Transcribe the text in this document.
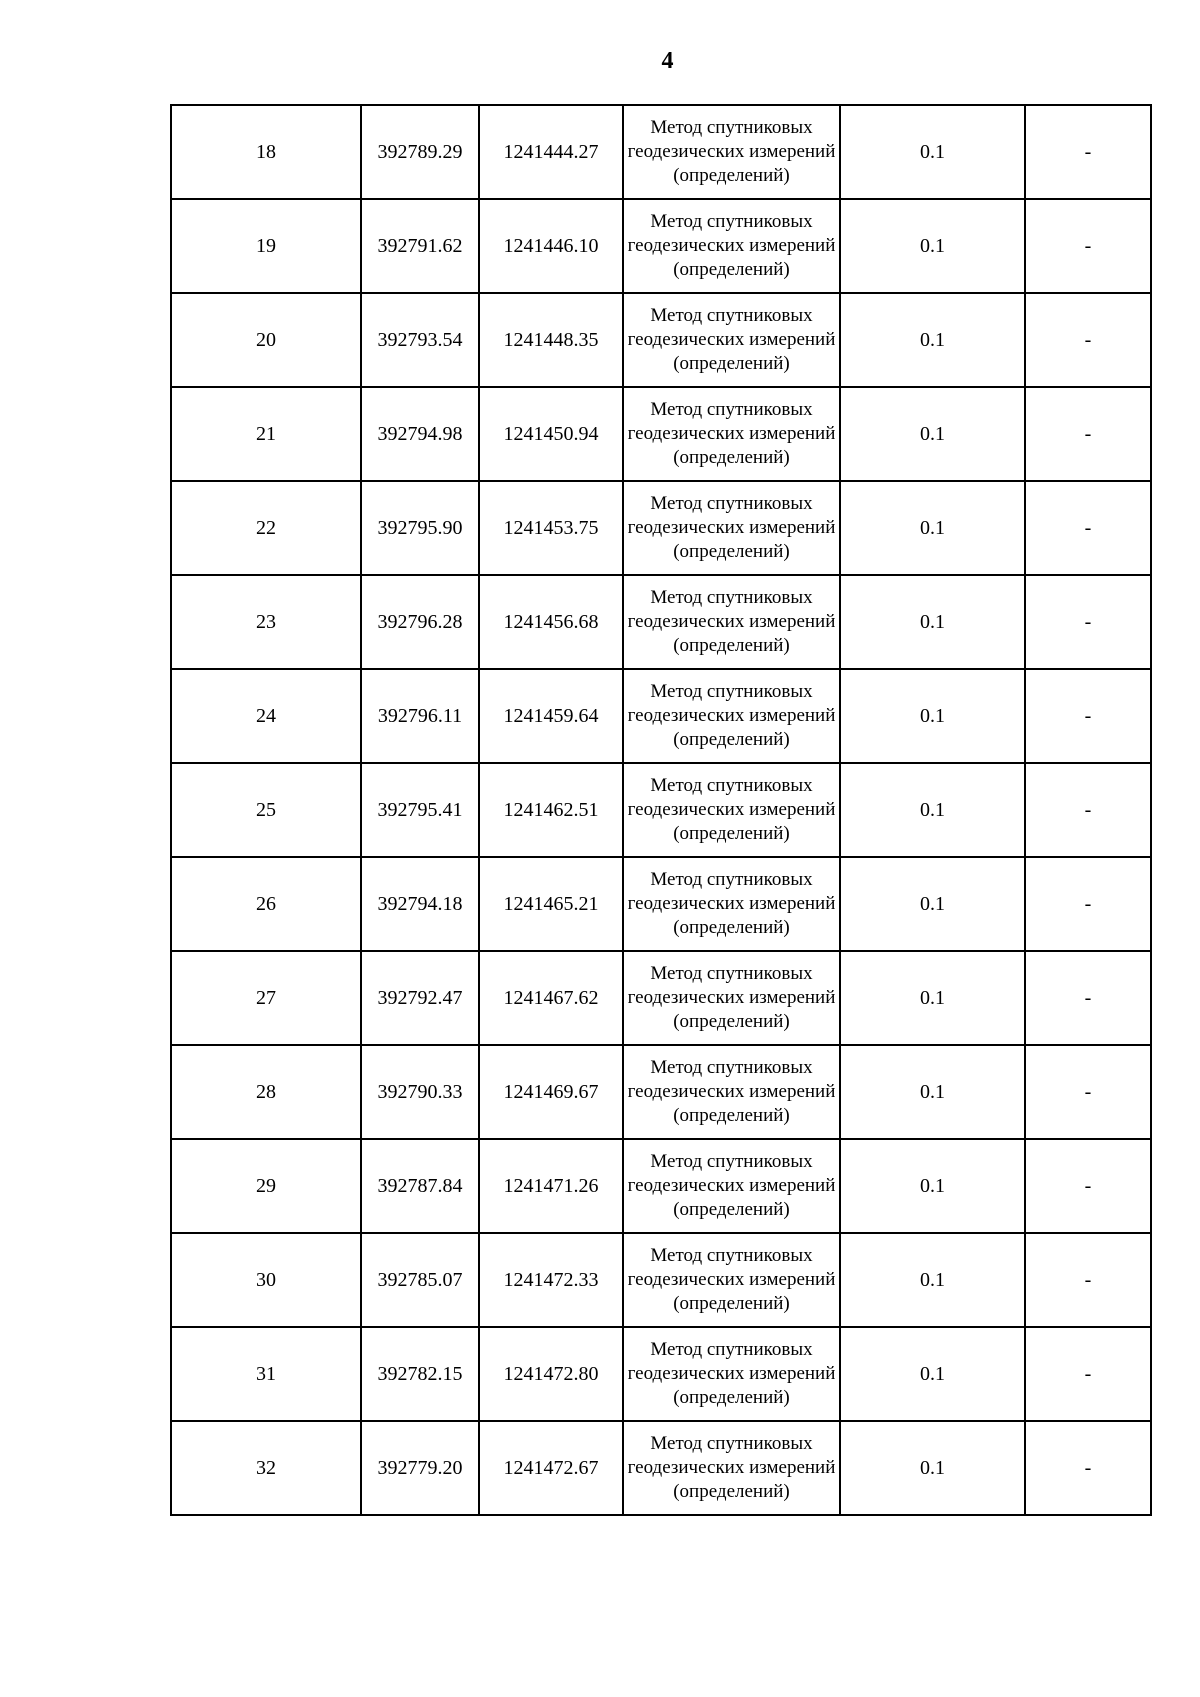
4
18	392789.29	1241444.27	Метод спутниковых геодезических измерений (определений)	0.1	-
19	392791.62	1241446.10	Метод спутниковых геодезических измерений (определений)	0.1	-
20	392793.54	1241448.35	Метод спутниковых геодезических измерений (определений)	0.1	-
21	392794.98	1241450.94	Метод спутниковых геодезических измерений (определений)	0.1	-
22	392795.90	1241453.75	Метод спутниковых геодезических измерений (определений)	0.1	-
23	392796.28	1241456.68	Метод спутниковых геодезических измерений (определений)	0.1	-
24	392796.11	1241459.64	Метод спутниковых геодезических измерений (определений)	0.1	-
25	392795.41	1241462.51	Метод спутниковых геодезических измерений (определений)	0.1	-
26	392794.18	1241465.21	Метод спутниковых геодезических измерений (определений)	0.1	-
27	392792.47	1241467.62	Метод спутниковых геодезических измерений (определений)	0.1	-
28	392790.33	1241469.67	Метод спутниковых геодезических измерений (определений)	0.1	-
29	392787.84	1241471.26	Метод спутниковых геодезических измерений (определений)	0.1	-
30	392785.07	1241472.33	Метод спутниковых геодезических измерений (определений)	0.1	-
31	392782.15	1241472.80	Метод спутниковых геодезических измерений (определений)	0.1	-
32	392779.20	1241472.67	Метод спутниковых геодезических измерений (определений)	0.1	-
